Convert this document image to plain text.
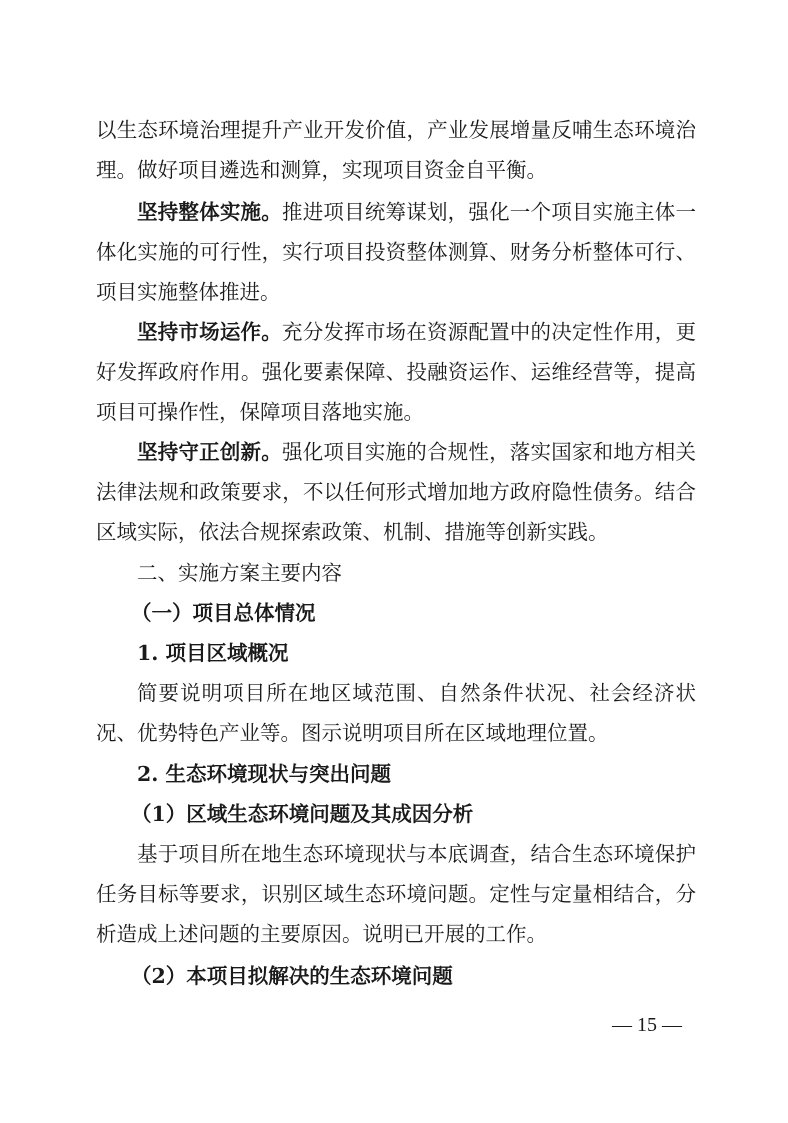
以生态环境治理提升产业开发价值，产业发展增量反哺生态环境治
理。做好项目遴选和测算，实现项目资金自平衡。
坚持整体实施。推进项目统筹谋划，强化一个项目实施主体一
体化实施的可行性，实行项目投资整体测算、财务分析整体可行、
项目实施整体推进。
坚持市场运作。充分发挥市场在资源配置中的决定性作用，更
好发挥政府作用。强化要素保障、投融资运作、运维经营等，提高
项目可操作性，保障项目落地实施。
坚持守正创新。强化项目实施的合规性，落实国家和地方相关
法律法规和政策要求，不以任何形式增加地方政府隐性债务。结合
区域实际，依法合规探索政策、机制、措施等创新实践。
二、实施方案主要内容
（一）项目总体情况
1. 项目区域概况
简要说明项目所在地区域范围、自然条件状况、社会经济状
况、优势特色产业等。图示说明项目所在区域地理位置。
2. 生态环境现状与突出问题
（1）区域生态环境问题及其成因分析
基于项目所在地生态环境现状与本底调查，结合生态环境保护
任务目标等要求，识别区域生态环境问题。定性与定量相结合，分
析造成上述问题的主要原因。说明已开展的工作。
（2）本项目拟解决的生态环境问题
— 15 —
